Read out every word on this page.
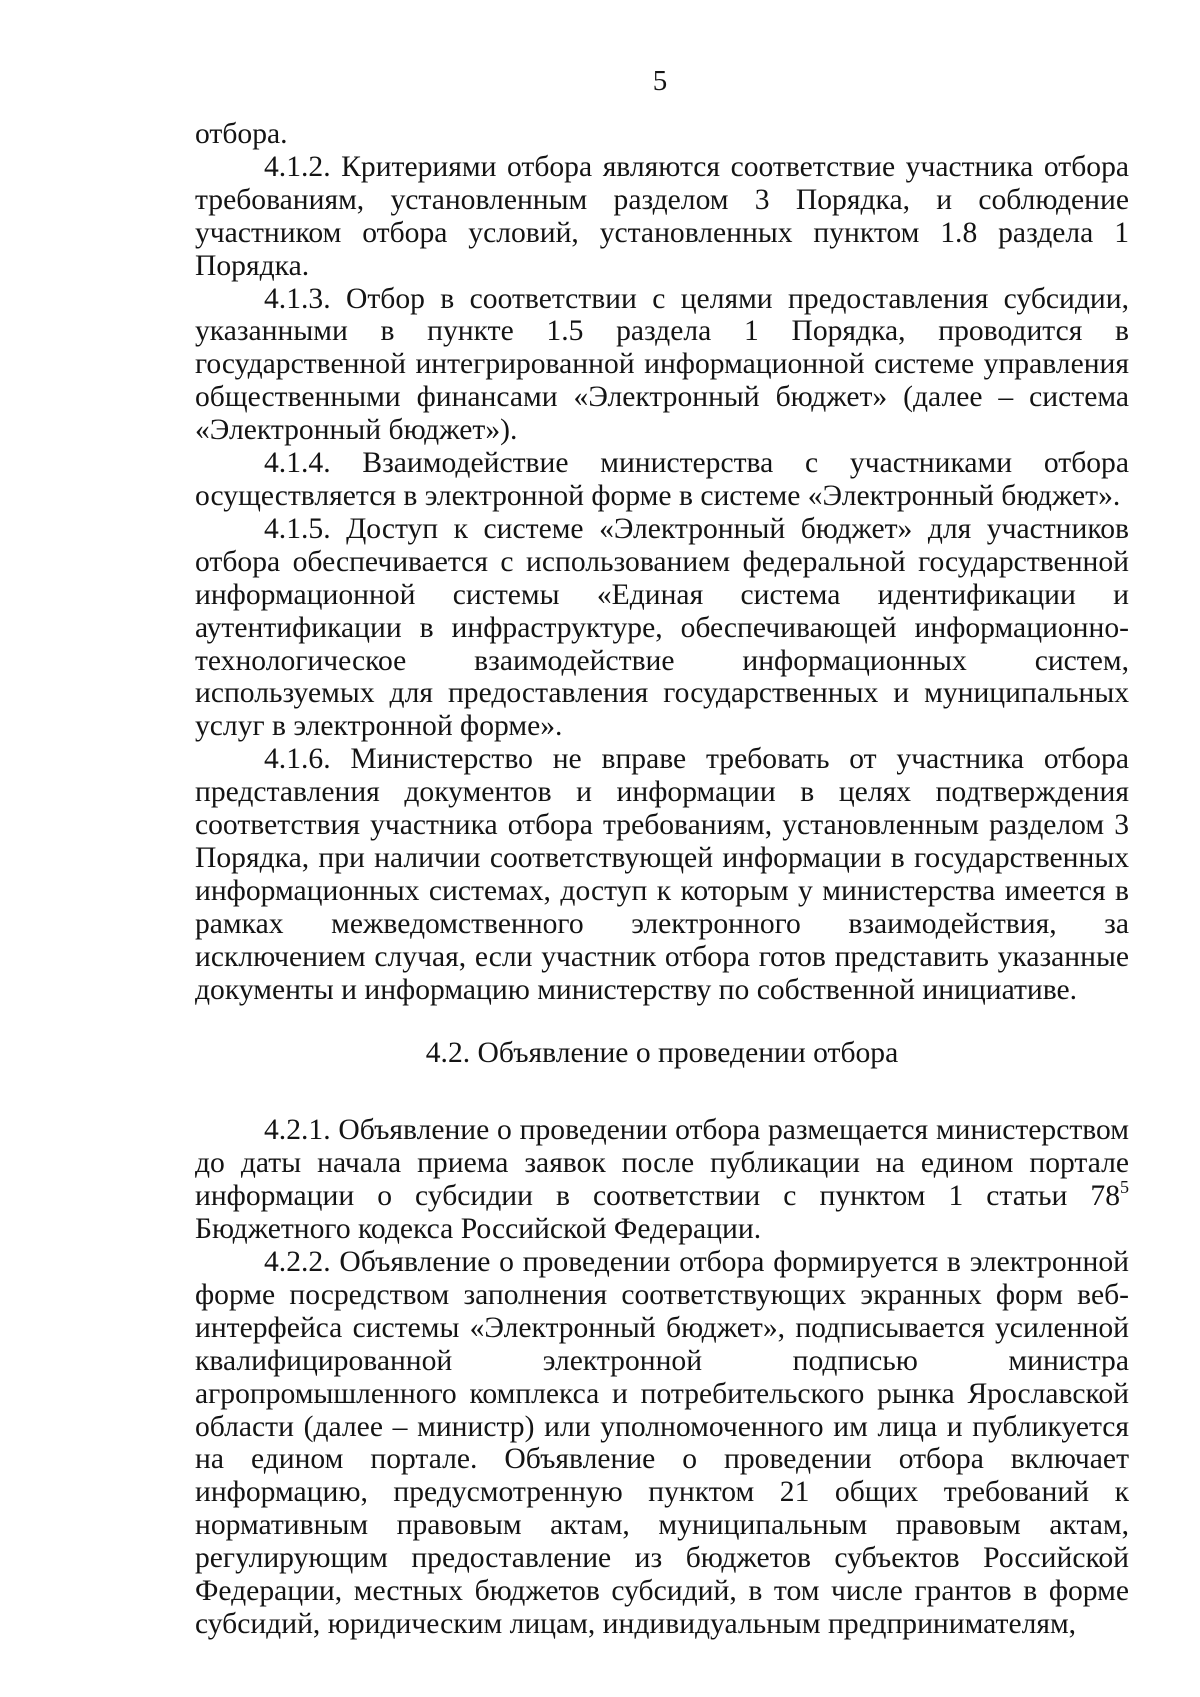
5

отбора.

4.1.2. Критериями отбора являются соответствие участника отбора требованиям, установленным разделом 3 Порядка, и соблюдение участником отбора условий, установленных пунктом 1.8 раздела 1 Порядка.

4.1.3. Отбор в соответствии с целями предоставления субсидии, указанными в пункте 1.5 раздела 1 Порядка, проводится в государственной интегрированной информационной системе управления общественными финансами «Электронный бюджет» (далее – система «Электронный бюджет»).

4.1.4. Взаимодействие министерства с участниками отбора осуществляется в электронной форме в системе «Электронный бюджет».

4.1.5. Доступ к системе «Электронный бюджет» для участников отбора обеспечивается с использованием федеральной государственной информационной системы «Единая система идентификации и аутентификации в инфраструктуре, обеспечивающей информационно-технологическое взаимодействие информационных систем, используемых для предоставления государственных и муниципальных услуг в электронной форме».

4.1.6. Министерство не вправе требовать от участника отбора представления документов и информации в целях подтверждения соответствия участника отбора требованиям, установленным разделом 3 Порядка, при наличии соответствующей информации в государственных информационных системах, доступ к которым у министерства имеется в рамках межведомственного электронного взаимодействия, за исключением случая, если участник отбора готов представить указанные документы и информацию министерству по собственной инициативе.

4.2. Объявление о проведении отбора

4.2.1. Объявление о проведении отбора размещается министерством до даты начала приема заявок после публикации на едином портале информации о субсидии в соответствии с пунктом 1 статьи $78^5$ Бюджетного кодекса Российской Федерации.

4.2.2. Объявление о проведении отбора формируется в электронной форме посредством заполнения соответствующих экранных форм веб-интерфейса системы «Электронный бюджет», подписывается усиленной квалифицированной электронной подписью министра агропромышленного комплекса и потребительского рынка Ярославской области (далее – министр) или уполномоченного им лица и публикуется на едином портале. Объявление о проведении отбора включает информацию, предусмотренную пунктом 21 общих требований к нормативным правовым актам, муниципальным правовым актам, регулирующим предоставление из бюджетов субъектов Российской Федерации, местных бюджетов субсидий, в том числе грантов в форме субсидий, юридическим лицам, индивидуальным предпринимателям,
